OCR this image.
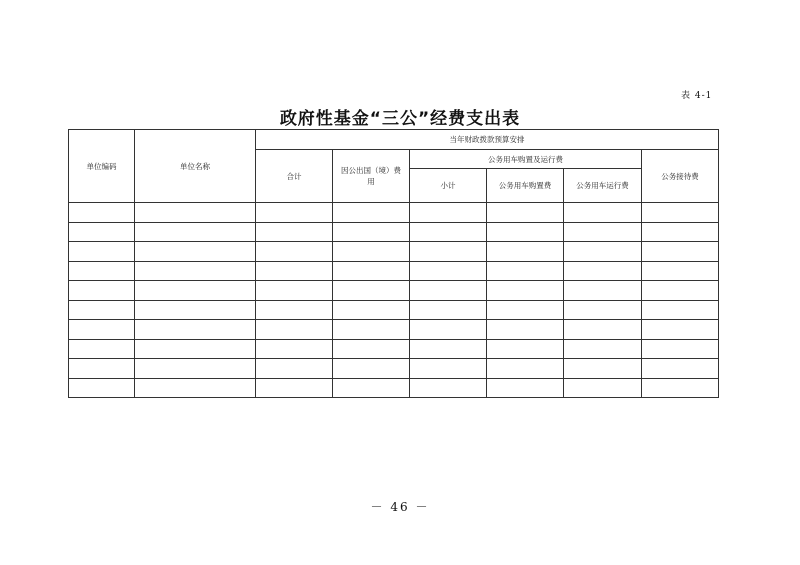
表 4-1
政府性基金“三公”经费支出表
单位编码	单位名称	当年财政拨款预算安排					
		合计	因公出国（境）费用	公务用车购置及运行费			公务接待费
				小计	公务用车购置费	公务用车运行费	

－ 46 －
